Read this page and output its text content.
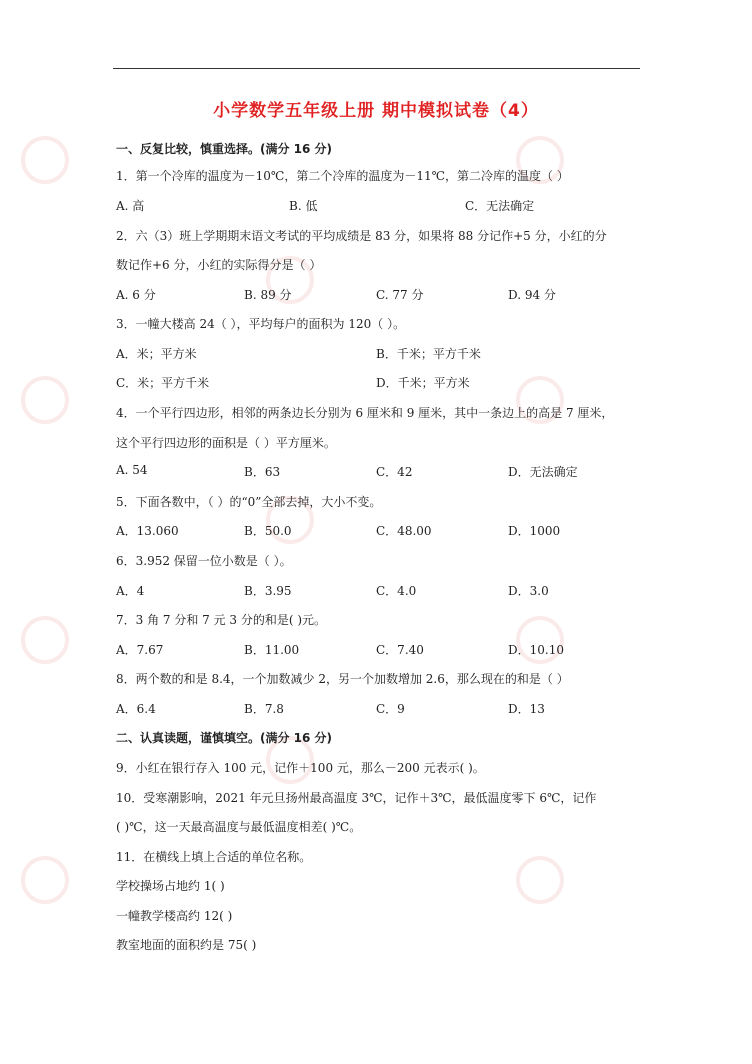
小学数学五年级上册 期中模拟试卷（4）
一、反复比较，慎重选择。(满分 16 分)
1．第一个冷库的温度为－10℃，第二个冷库的温度为－11℃，第二冷库的温度（ ）
A. 高	B. 低	C．无法确定
2．六（3）班上学期期末语文考试的平均成绩是 83 分，如果将 88 分记作+5 分，小红的分
数记作+6 分，小红的实际得分是（ ）
A. 6 分	B. 89 分	C. 77 分	D. 94 分
3．一幢大楼高 24（ ），平均每户的面积为 120（ ）。
A．米；平方米	B．千米；平方千米
C．米；平方千米	D．千米；平方米
4．一个平行四边形，相邻的两条边长分别为 6 厘米和 9 厘米，其中一条边上的高是 7 厘米，
这个平行四边形的面积是（ ）平方厘米。
A. 54	B．63	C．42	D．无法确定
5．下面各数中，（ ）的“0”全部去掉，大小不变。
A．13.060	B．50.0	C．48.00	D．1000
6．3.952 保留一位小数是（ ）。
A．4	B．3.95	C．4.0	D．3.0
7．3 角 7 分和 7 元 3 分的和是( )元。
A．7.67	B．11.00	C．7.40	D．10.10
8．两个数的和是 8.4，一个加数减少 2，另一个加数增加 2.6，那么现在的和是（ ）
A．6.4	B．7.8	C．9	D．13
二、认真读题，谨慎填空。(满分 16 分)
9．小红在银行存入 100 元，记作＋100 元，那么－200 元表示( )。
10．受寒潮影响，2021 年元旦扬州最高温度 3℃，记作＋3℃，最低温度零下 6℃，记作
( )℃，这一天最高温度与最低温度相差( )℃。
11．在横线上填上合适的单位名称。
学校操场占地约 1( )
一幢教学楼高约 12( )
教室地面的面积约是 75( )
